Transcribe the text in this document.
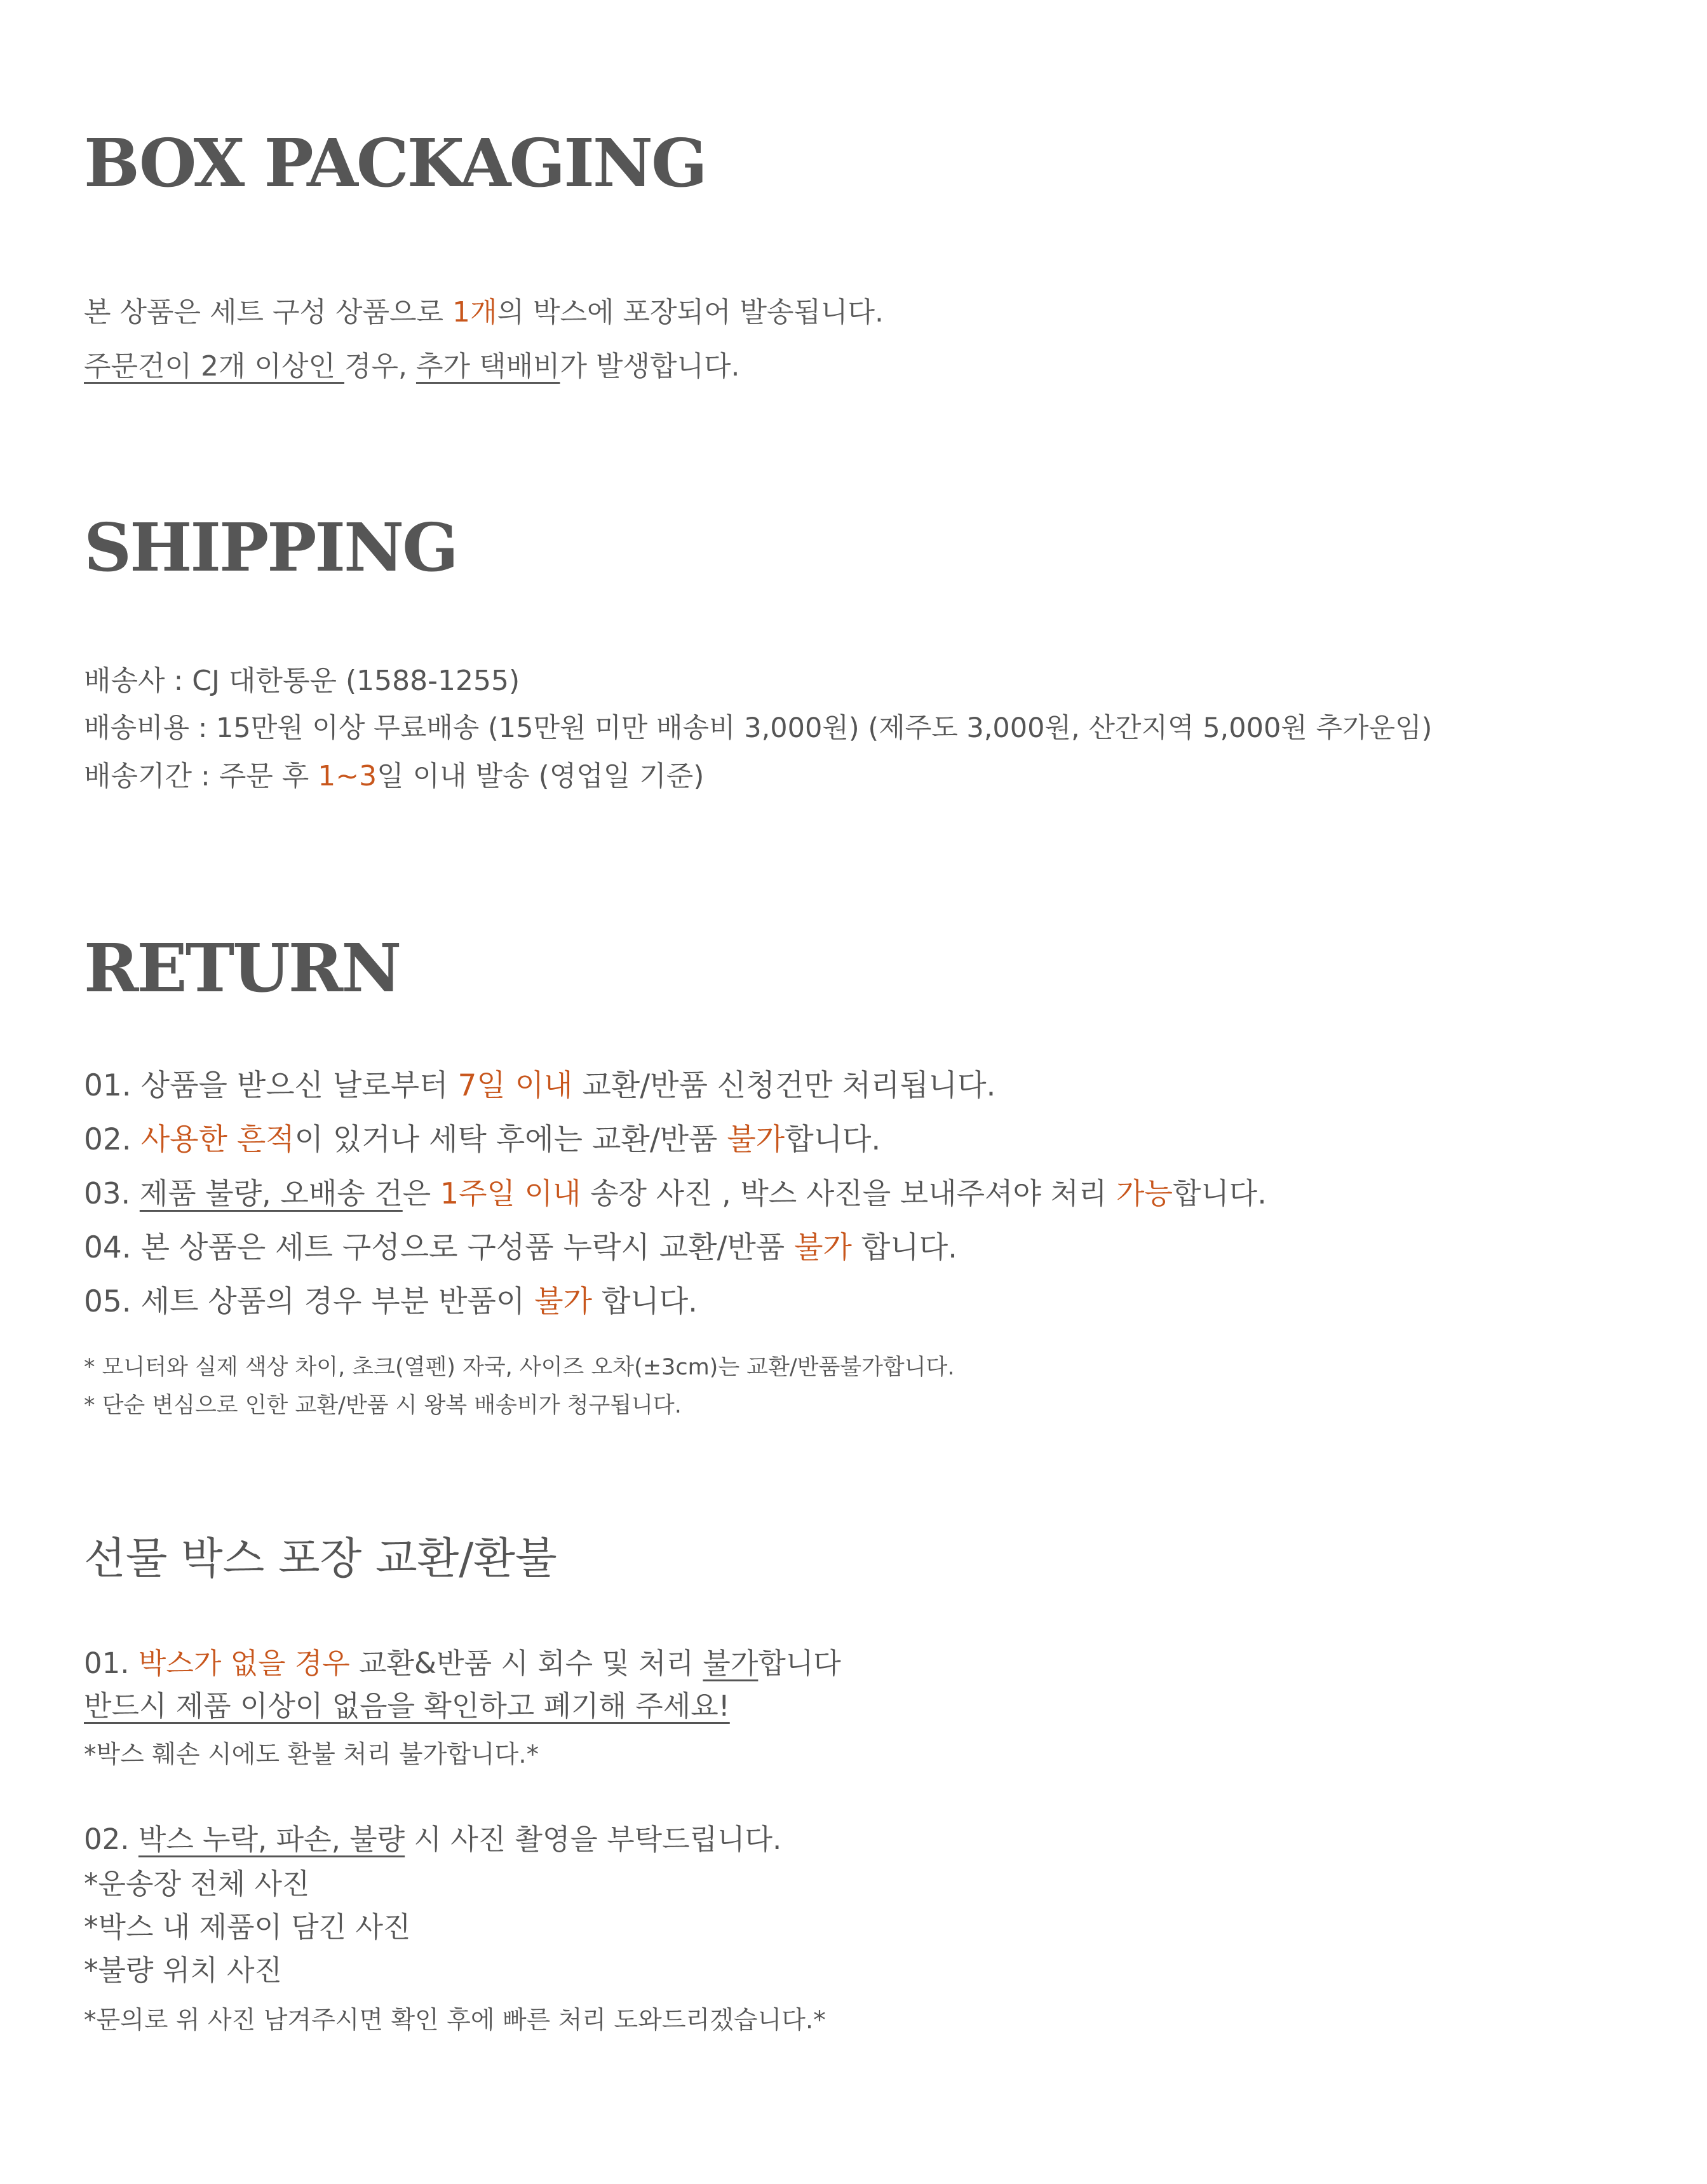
BOX PACKAGING
본 상품은 세트 구성 상품으로 1개의 박스에 포장되어 발송됩니다.
주문건이 2개 이상인 경우, 추가 택배비가 발생합니다.
SHIPPING
배송사 : CJ 대한통운 (1588-1255)
배송비용 : 15만원 이상 무료배송 (15만원 미만 배송비 3,000원) (제주도 3,000원, 산간지역 5,000원 추가운임)
배송기간 : 주문 후 1~3일 이내 발송 (영업일 기준)
RETURN
01. 상품을 받으신 날로부터 7일 이내 교환/반품 신청건만 처리됩니다.
02. 사용한 흔적이 있거나 세탁 후에는 교환/반품 불가합니다.
03. 제품 불량, 오배송 건은 1주일 이내 송장 사진 , 박스 사진을 보내주셔야 처리 가능합니다.
04. 본 상품은 세트 구성으로 구성품 누락시 교환/반품 불가 합니다.
05. 세트 상품의 경우 부분 반품이 불가 합니다.
* 모니터와 실제 색상 차이, 초크(열펜) 자국, 사이즈 오차(±3cm)는 교환/반품불가합니다.
* 단순 변심으로 인한 교환/반품 시 왕복 배송비가 청구됩니다.
선물 박스 포장 교환/환불
01. 박스가 없을 경우 교환&반품 시 회수 및 처리 불가합니다
반드시 제품 이상이 없음을 확인하고 폐기해 주세요!
*박스 훼손 시에도 환불 처리 불가합니다.*
02. 박스 누락, 파손, 불량 시 사진 촬영을 부탁드립니다.
*운송장 전체 사진
*박스 내 제품이 담긴 사진
*불량 위치 사진
*문의로 위 사진 남겨주시면 확인 후에 빠른 처리 도와드리겠습니다.*
